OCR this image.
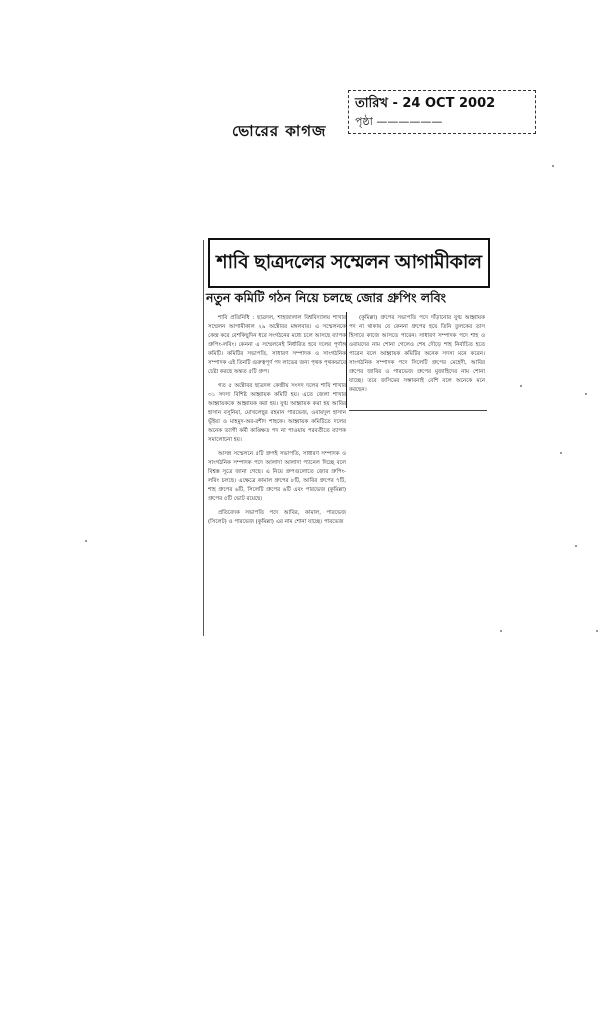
ভোরের কাগজ
তারিখ - 24 OCT 2002
পৃষ্ঠা ——————
শাবি ছাত্রদলের সম্মেলন আগামীকাল
নতুন কমিটি গঠন নিয়ে চলছে জোর গ্রুপিং লবিং

শাবি প্রতিনিধি : ছাত্রদল, শাহজালাল বিশ্ববিদ্যালয় শাখার সম্মেলন আগামীকাল ২৯ অক্টোবর মঙ্গলবার। এ সম্মেলনকে কেন্দ্র করে বেশকিছুদিন ধরে সংগঠনের মধ্যে চলে আসছে ব্যাপক গ্রুপিং-লবিং। কেননা এ সম্মেলনেই নির্ধারিত হবে দলের পূর্ণাঙ্গ কমিটি। কমিটির সভাপতি, সাধারণ সম্পাদক ও সাংগঠনিক সম্পাদক এই তিনটি গুরুত্বপূর্ণ পদ লাভের জন্য পৃথক পৃথকভাবে চেষ্টা করছে অন্তত ৫টি গ্রুপ।

গত ৫ অক্টোবর ছাত্রদল কেন্দ্রীয় সংসদ দলের শাবি শাখার ৩১ সদস্য বিশিষ্ট আহ্বায়ক কমিটি হয়। এতে জেলা শাখার আহ্বায়ককে আহ্বায়ক করা হয়। যুগ্ম আহ্বায়ক করা হয় আবির হাসান বসুনিয়া, মোখলেছুর রহমান পারভেজ, ওবায়দুল হাসান ভূঁইয়া ও মাহমুদ-অর-রশীদ শাহকে। আহ্বায়ক কমিটিতে দলের অনেক ত্যাগী কর্মী কাঙ্ক্ষিত পদ না পাওয়ায় পরবর্তীতে ব্যাপক সমালোচনা হয়।

আসন্ন সম্মেলনে ৫টি গ্রুপই সভাপতি, সাধারণ সম্পাদক ও সাংগঠনিক সম্পাদক পদে আলাদা আলাদা প্যানেল দিচ্ছে বলে বিশ্বস্ত সূত্রে জানা গেছে। এ নিয়ে গ্রুপগুলোতে জোর গ্রুপিং-লবিং চলছে। এক্ষেত্রে কামাল গ্রুপের ৮টি, আবির গ্রুপের ৭টি, শাহ গ্রুপের ৬টি, সিলেটি গ্রুপের ৬টি এবং পারভেজ (কুমিল্লা) গ্রুপের ৫টি ভোট রয়েছে।

প্রতিবেদক সভাপতি পদে আবির, কামাল, পারভেজ (সিলেট) ও পারভেজ (কুমিল্লা) এর নাম শোনা যাচ্ছে। পারভেজ

(কুমিল্লা) গ্রুপের সভাপতি পদে দাঁড়ানোর যুগ্ম আহ্বায়ক পদ না থাকায় যে কেননা গ্রুপের হয়ে তিনি তুলকের তাস হিসাবে কাজে আসতে পারেন। সাধারণ সম্পাদক পদে শাহ ও ওবায়দের নাম শোনা গেলেও শেষ দৌড়ে শাহ নির্বাচিত হতে পারেন বলে আহ্বায়ক কমিটির অনেক সদস্য মনে করেন। সাংগঠনিক সম্পাদক পদে সিলেটি গ্রুপের মেহেদী, আবির গ্রুপের জাবির ও পারভেজ গ্রুপের মুজাহিদের নাম শোনা যাচ্ছে। তবে জসিমের সম্ভাবনাই বেশি বলে অনেকে মনে করছেন।
